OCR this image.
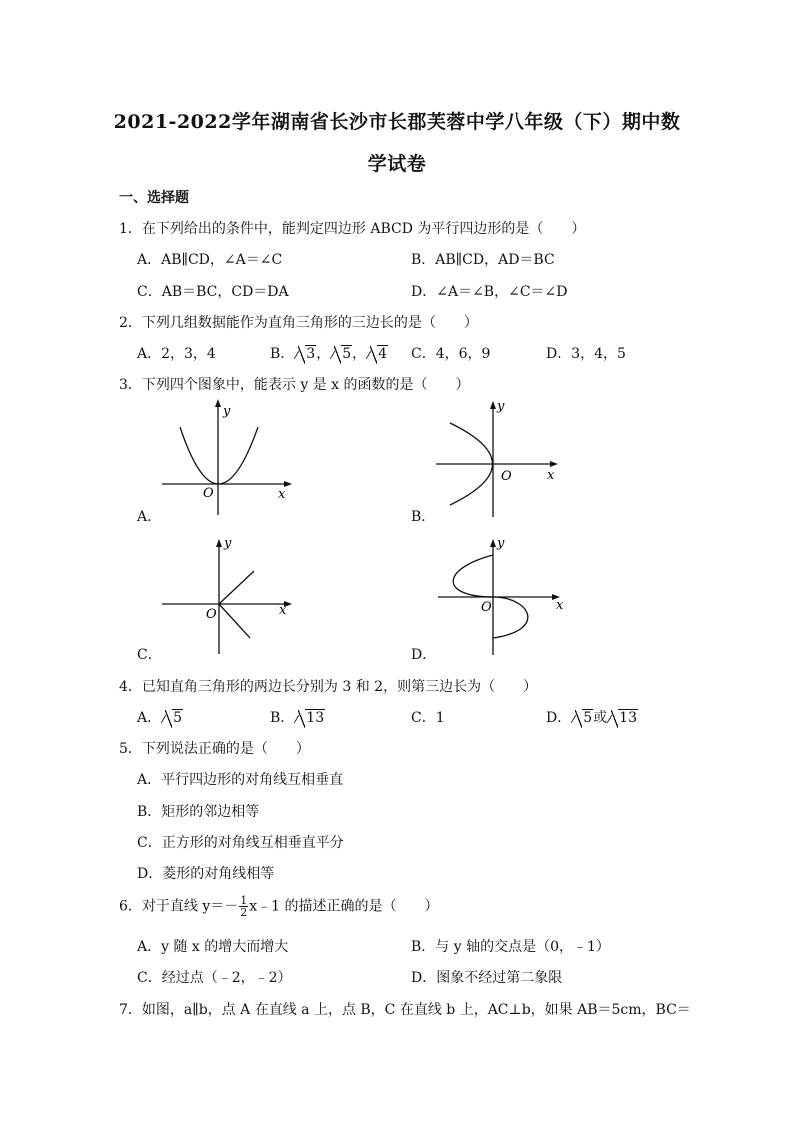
2021-2022学年湖南省长沙市长郡芙蓉中学八年级（下）期中数
学试卷
一、选择题
1．在下列给出的条件中，能判定四边形 ABCD 为平行四边形的是（　　）
A．AB∥CD，∠A＝∠C	B．AB∥CD，AD＝BC
C．AB＝BC，CD＝DA	D．∠A＝∠B，∠C＝∠D
2．下列几组数据能作为直角三角形的三边长的是（　　）
A．2，3，4	B． 3， 5， 4 C．4，6，9	D．3，4，5
3．下列四个图象中，能表示 y 是 x 的函数的是（　　）
x
y
O
A．
x
y
O
B．
x
y
O
C．
x
y
O
D．
4．已知直角三角形的两边长分别为 3 和 2，则第三边长为（　　）
A． 5	B． 13	C．1	D． 5或 13
5．下列说法正确的是（　　）
A．平行四边形的对角线互相垂直
B．矩形的邻边相等
C．正方形的对角线互相垂直平分
D．菱形的对角线相等
6．对于直线 $y=- \frac{1}{2}$ x﹣1 的描述正确的是（　　）
A．y 随 x 的增大而增大	B．与 y 轴的交点是（0，﹣1）
C．经过点（﹣2，﹣2）	D．图象不经过第二象限
7．如图，a∥b，点 A 在直线 a 上，点 B，C 在直线 b 上，AC⊥b，如果 AB＝5cm，BC＝
